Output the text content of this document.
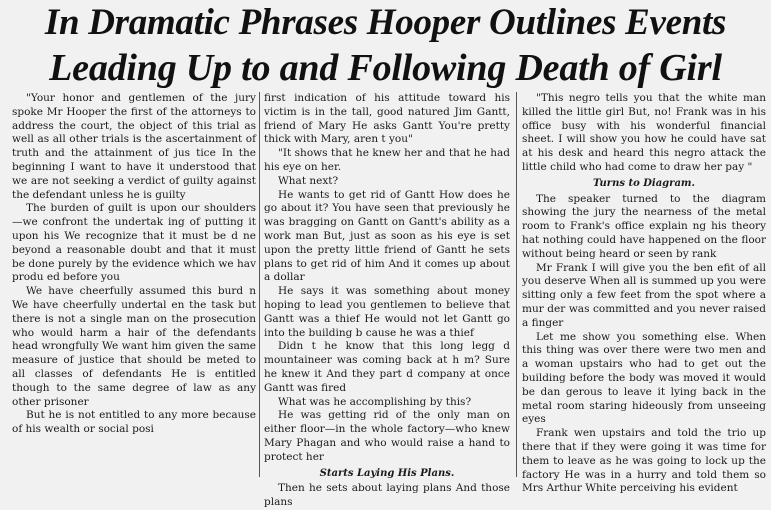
In Dramatic Phrases Hooper Outlines Events
Leading Up to and Following Death of Girl

"Your honor and gentlemen of the jury spoke Mr Hooper the first of the attorneys to address the court, the object of this trial as well as all other trials is the ascertainment of truth and the attainment of jus tice In the beginning I want to have it understood that we are not seeking a verdict of guilty against the defendant unless he is guilty

The burden of guilt is upon our shoulders—we confront the undertak ing of putting it upon his We recognize that it must be d ne beyond a reasonable doubt and that it must be done purely by the evidence which we hav produ ed before you

We have cheerfully assumed this burd n We have cheerfully undertal en the task but there is not a single man on the prosecution who would harm a hair of the defendants head wrongfully We want him given the same measure of justice that should be meted to all classes of defendants He is entitled though to the same degree of law as any other prisoner

But he is not entitled to any more because of his wealth or social posi

first indication of his attitude toward his victim is in the tall, good natured Jim Gantt, friend of Mary He asks Gantt You're pretty thick with Mary, aren t you"

"It shows that he knew her and that he had his eye on her.

What next?

He wants to get rid of Gantt How does he go about it? You have seen that previously he was bragging on Gantt on Gantt's ability as a work man But, just as soon as his eye is set upon the pretty little friend of Gantt he sets plans to get rid of him And it comes up about a dollar

He says it was something about money hoping to lead you gentlemen to believe that Gantt was a thief He would not let Gantt go into the building b cause he was a thief

Didn t he know that this long legg d mountaineer was coming back at h m? Sure he knew it And they part d company at once Gantt was fired

What was he accomplishing by this?

He was getting rid of the only man on either floor—in the whole factory—who knew Mary Phagan and who would raise a hand to protect her

Starts Laying His Plans.

Then he sets about laying plans And those plans

"This negro tells you that the white man killed the little girl But, no! Frank was in his office busy with his wonderful financial sheet. I will show you how he could have sat at his desk and heard this negro attack the little child who had come to draw her pay "

Turns to Diagram.

The speaker turned to the diagram showing the jury the nearness of the metal room to Frank's office explain ng his theory hat nothing could have happened on the floor without being heard or seen by rank

Mr Frank I will give you the ben efit of all you deserve When all is summed up you were sitting only a few feet from the spot where a mur der was committed and you never raised a finger

Let me show you something else. When this thing was over there were two men and a woman upstairs who had to get out the building before the body was moved it would be dan gerous to leave it lying back in the metal room staring hideously from unseeing eyes

Frank wen upstairs and told the trio up there that if they were going it was time for them to leave as he was going to lock up the factory He was in a hurry and told them so Mrs Arthur White perceiving his evident
